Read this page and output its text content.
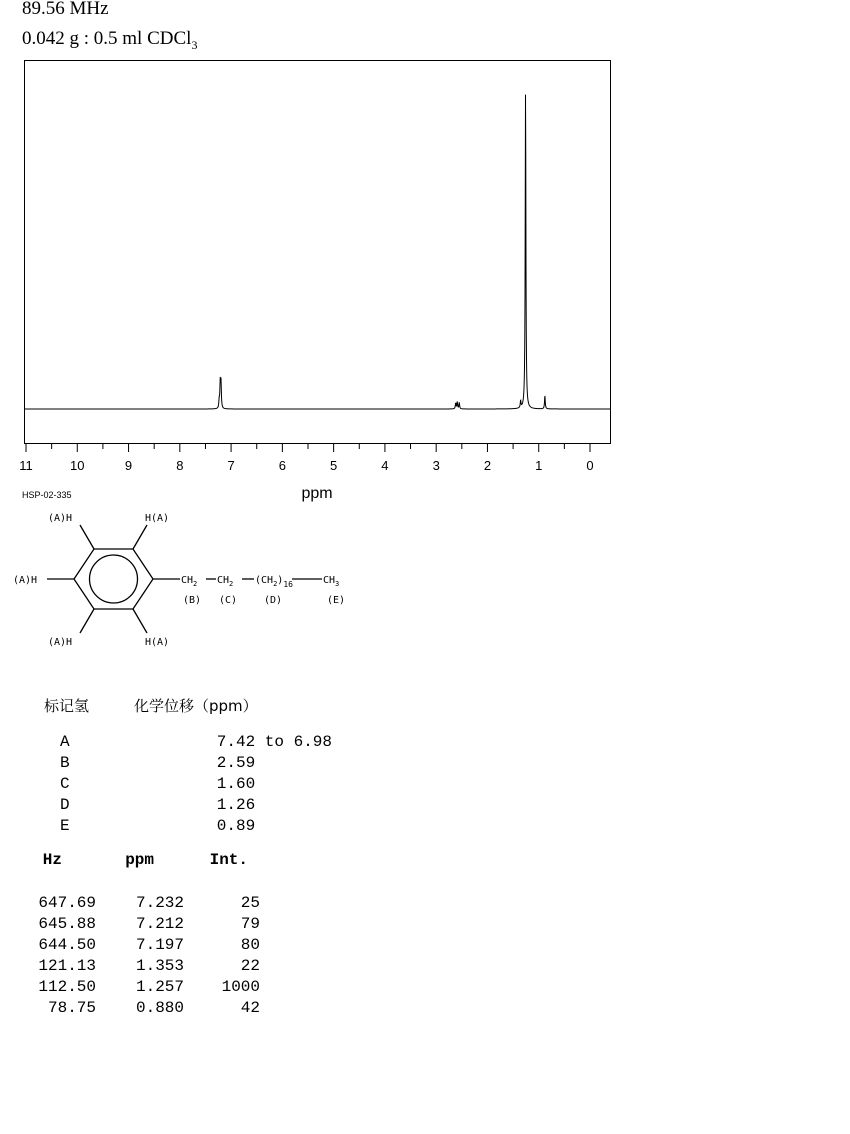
89.56 MHz
0.042 g : 0.5 ml CDCl$_3$
11	10	9	8	7	6	5	4	3	2	1	0
ppm
HSP-02-335
(A)H	H(A)
(A)H
(A)H	H(A)
$CH_2$ $CH_2$ $(CH_2)_{16}$	$CH_3$
(B) (C)	(D)	(E)
标记氢	化学位移（ppm）
A	7.42 to 6.98
B	2.59
C	1.60
D	1.26
E	0.89
Hz	ppm	Int.
647.69	7.232	25
645.88	7.212	79
644.50	7.197	80
121.13	1.353	22
112.50	1.257	1000
78.75	0.880	42
